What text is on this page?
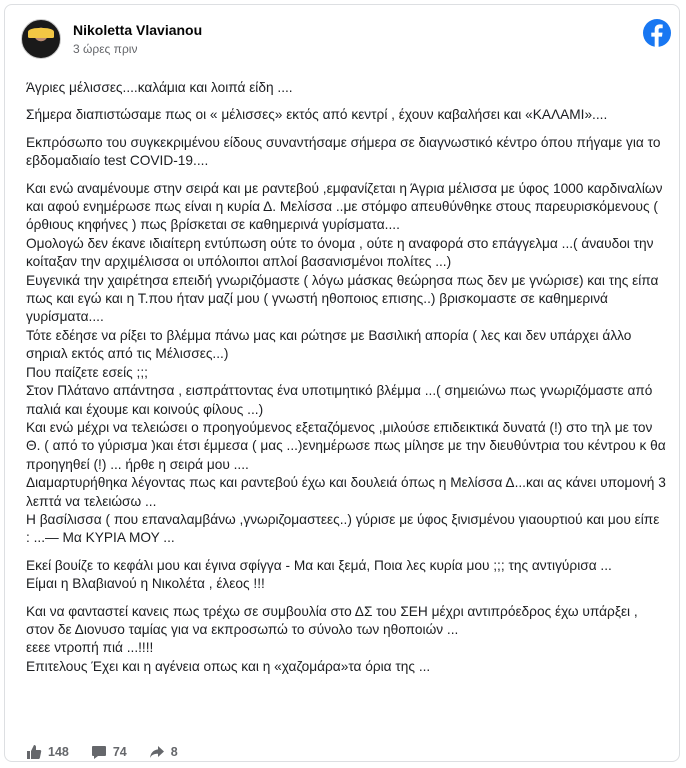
Nikoletta Vlavianou
3 ώρες πριν

Άγριες μέλισσες....καλάμια και λοιπά είδη ....

Σήμερα διαπιστώσαμε πως οι « μέλισσες» εκτός από κεντρί , έχουν καβαλήσει και «ΚΑΛΑΜΙ»....

Εκπρόσωπο του συγκεκριμένου είδους συναντήσαμε σήμερα σε διαγνωστικό κέντρο όπου πήγαμε για το εβδομαδιαίο test COVID-19....

Και ενώ αναμένουμε στην σειρά και με ραντεβού ,εμφανίζεται η Άγρια μέλισσα με ύφος 1000 καρδιναλίων και αφού ενημέρωσε πως είναι η κυρία Δ. Μελίσσα ..με στόμφο απευθύνθηκε στους παρευρισκόμενους ( όρθιους κηφήνες ) πως βρίσκεται σε καθημερινά γυρίσματα....
Ομολογώ δεν έκανε ιδιαίτερη εντύπωση ούτε το όνομα , ούτε η αναφορά στο επάγγελμα ...( άναυδοι την κοίταξαν την αρχιμέλισσα οι υπόλοιποι απλοί βασανισμένοι πολίτες ...)
Ευγενικά την χαιρέτησα επειδή γνωριζόμαστε ( λόγω μάσκας θεώρησα πως δεν με γνώρισε) και της είπα πως και εγώ και η Τ.που ήταν μαζί μου ( γνωστή ηθοποιος επισης..) βρισκομαστε σε καθημερινά γυρίσματα....
Τότε εδέησε να ρίξει το βλέμμα πάνω μας και ρώτησε με Βασιλική απορία ( λες και δεν υπάρχει άλλο σηριαλ εκτός από τις Μέλισσες...)
Που παίζετε εσείς ;;;
Στον Πλάτανο απάντησα , εισπράττοντας ένα υποτιμητικό βλέμμα ...( σημειώνω πως γνωριζόμαστε από παλιά και έχουμε και κοινούς φίλους ...)
Και ενώ μέχρι να τελειώσει ο προηγούμενος εξεταζόμενος ,μιλούσε επιδεικτικά δυνατά (!) στο τηλ με τον Θ. ( από το γύρισμα )και έτσι έμμεσα ( μας ...)ενημέρωσε πως μίλησε με την διευθύντρια του κέντρου κ θα προηγηθεί (!) ... ήρθε η σειρά μου ....
Διαμαρτυρήθηκα λέγοντας πως και ραντεβού έχω και δουλειά όπως η Μελίσσα Δ...και ας κάνει υπομονή 3 λεπτά να τελειώσω ...
Η βασίλισσα ( που επαναλαμβάνω ,γνωριζομαστεες..) γύρισε με ύφος ξινισμένου γιαουρτιού και μου είπε : ...— Μα ΚΥΡΙΑ ΜΟΥ ...

Εκεί βουίζε το κεφάλι μου και έγινα σφίγγα - Μα και ξεμά, Ποια λες κυρία μου ;;; της αντιγύρισα ...
Είμαι η Βλαβιανού η Νικολέτα , έλεος !!!

Και να φανταστεί κανεις πως τρέχω σε συμβουλία στο ΔΣ του ΣΕΗ μέχρι αντιπρόεδρος έχω υπάρξει , στον δε Διονυσο ταμίας για να εκπροσωπώ το σύνολο των ηθοποιών ...
εεεε ντροπή πιά ...!!!!
Επιτελους Έχει και η αγένεια οπως και η «χαζομάρα»τα όρια της ...

148	74	8
